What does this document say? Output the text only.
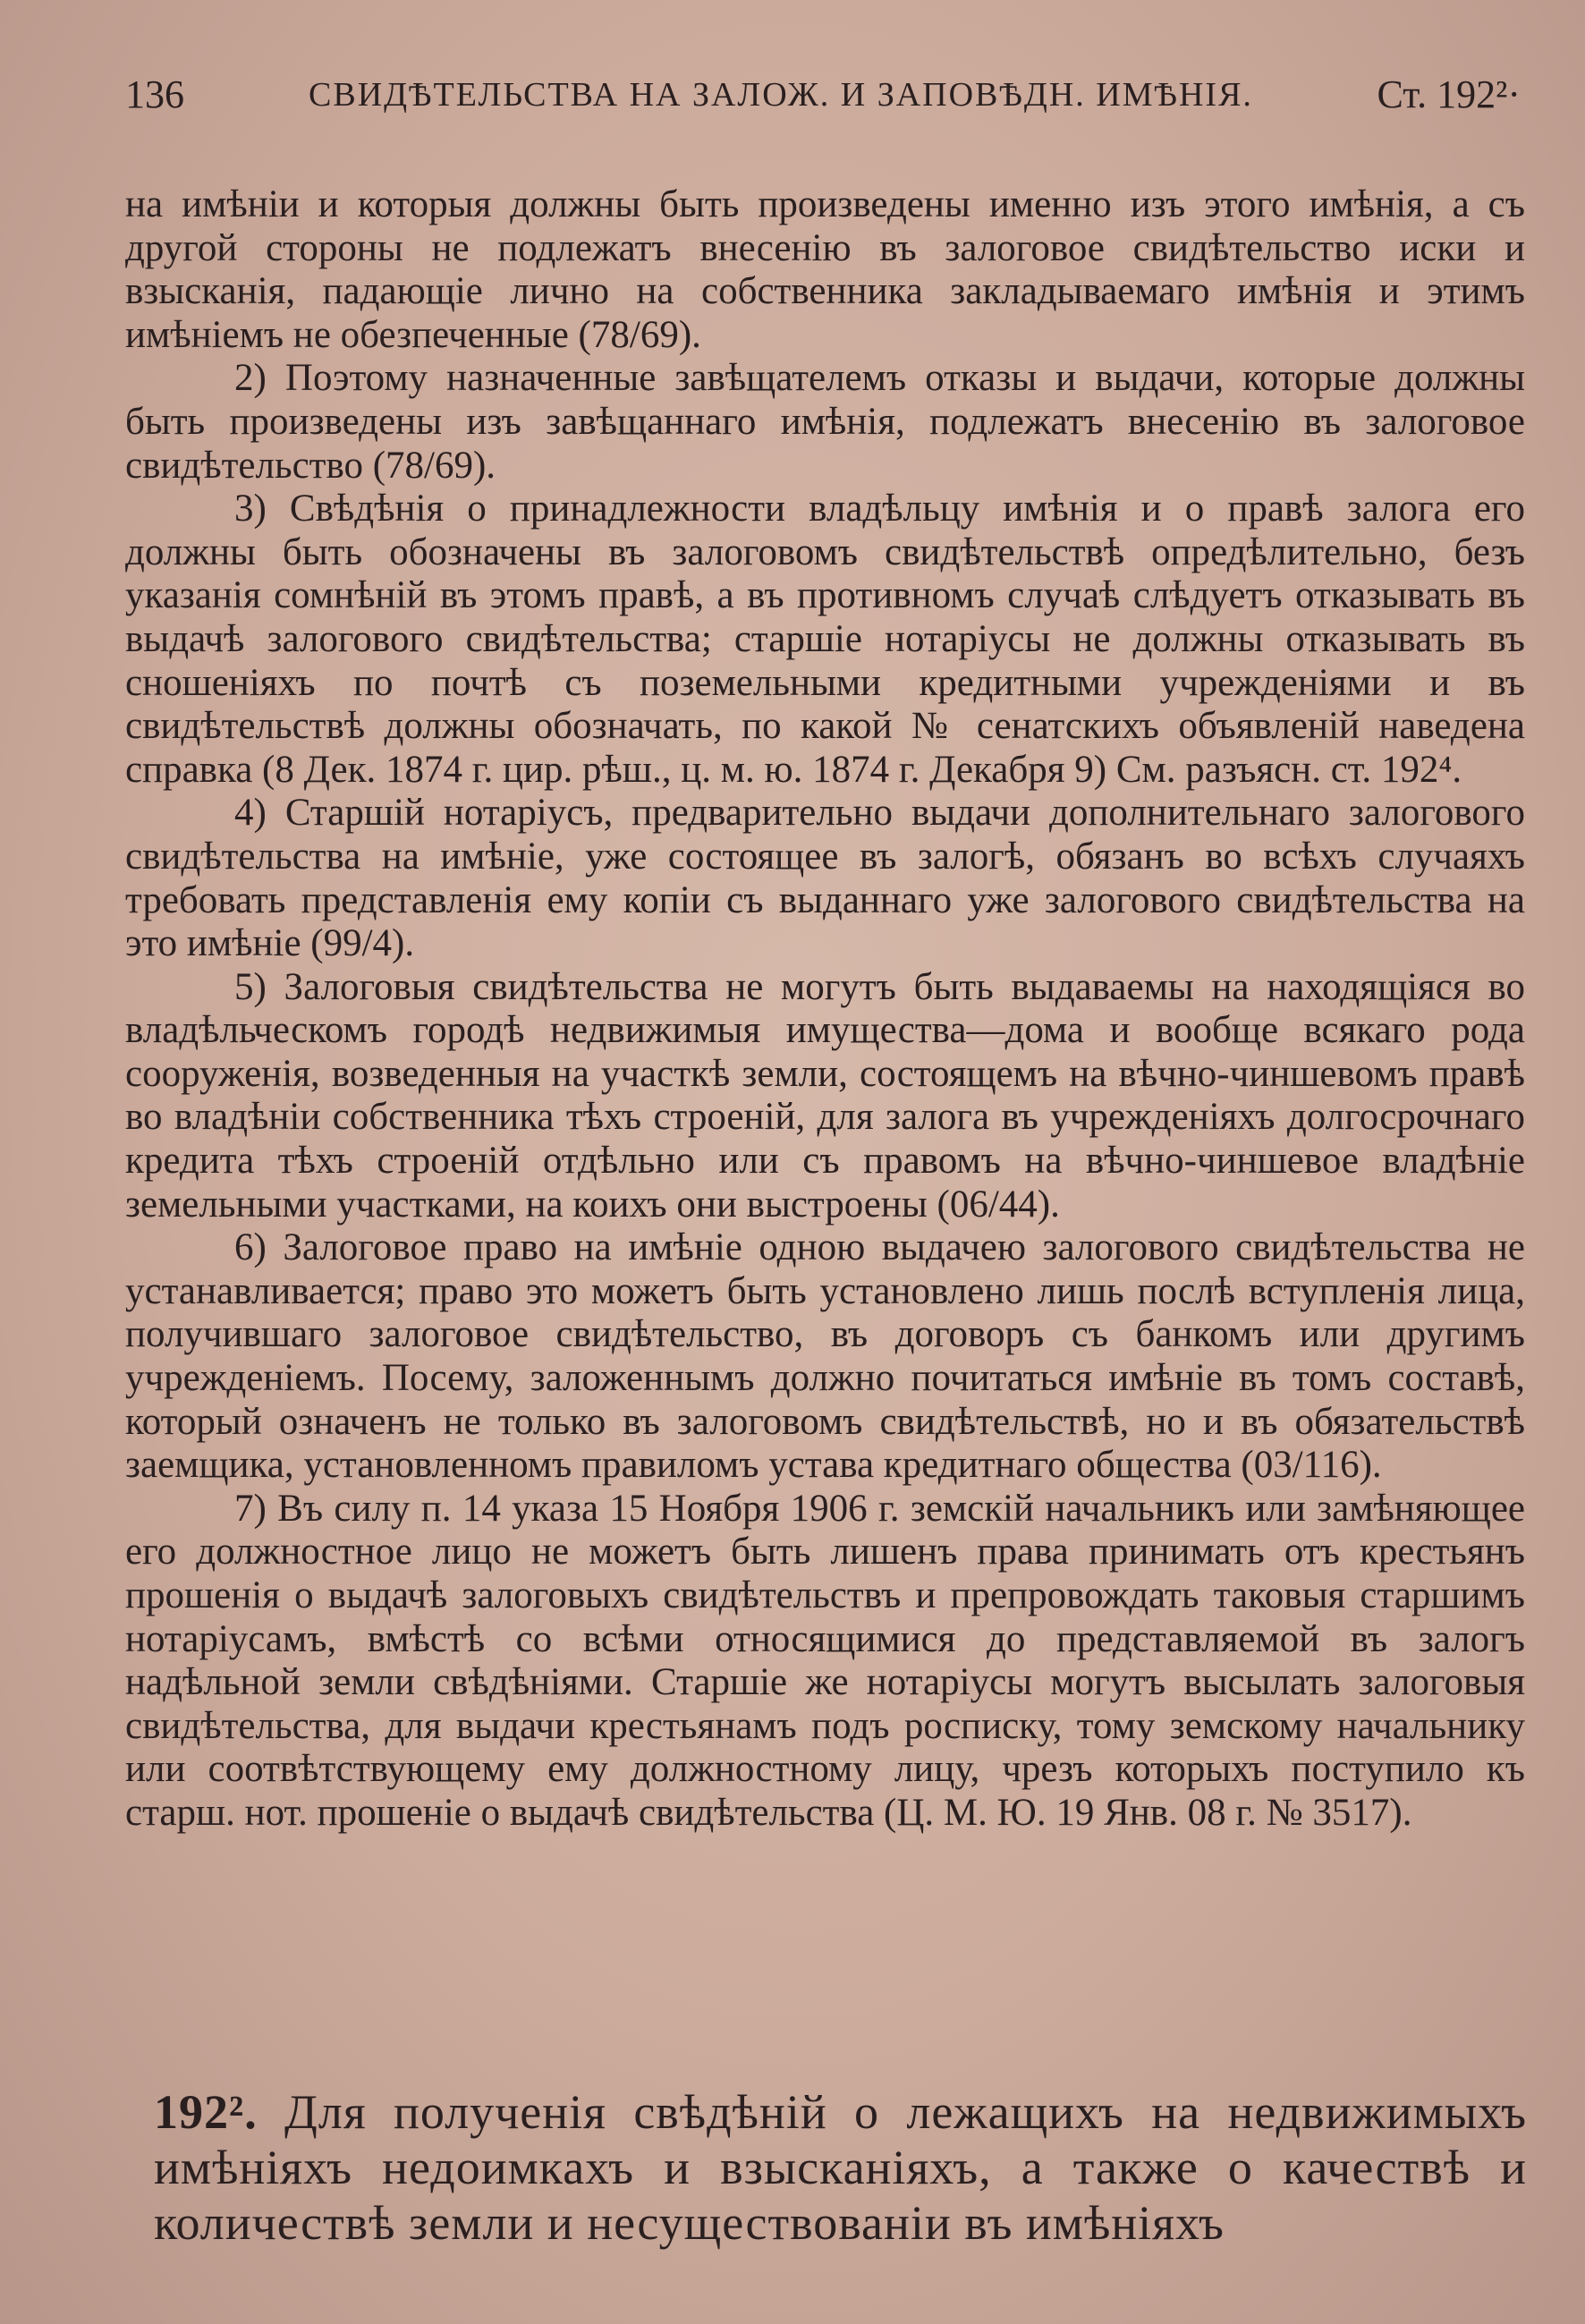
136	СВИДѢТЕЛЬСТВА НА ЗАЛОЖ. И ЗАПОВѢДН. ИМѢНІЯ.	Ст. 192²·

на имѣніи и которыя должны быть произведены именно изъ этого имѣнія, а съ другой стороны не подлежатъ внесенію въ залоговое свидѣтельство иски и взысканія, падающіе лично на собственника закладываемаго имѣнія и этимъ имѣніемъ не обезпеченные (78/69).

2) Поэтому назначенные завѣщателемъ отказы и выдачи, которые должны быть произведены изъ завѣщаннаго имѣнія, подлежатъ внесенію въ залоговое свидѣтельство (78/69).

3) Свѣдѣнія о принадлежности владѣльцу имѣнія и о правѣ залога его должны быть обозначены въ залоговомъ свидѣтельствѣ опредѣлительно, безъ указанія сомнѣній въ этомъ правѣ, а въ противномъ случаѣ слѣдуетъ отказывать въ выдачѣ залогового свидѣтельства; старшіе нотаріусы не должны отказывать въ сношеніяхъ по почтѣ съ поземельными кредитными учрежденіями и въ свидѣтельствѣ должны обозначать, по какой № сенатскихъ объявленій наведена справка (8 Дек. 1874 г. цир. рѣш., ц. м. ю. 1874 г. Декабря 9) См. разъясн. ст. 192⁴.

4) Старшій нотаріусъ, предварительно выдачи дополнительнаго залогового свидѣтельства на имѣніе, уже состоящее въ залогѣ, обязанъ во всѣхъ случаяхъ требовать представленія ему копіи съ выданнаго уже залогового свидѣтельства на это имѣніе (99/4).

5) Залоговыя свидѣтельства не могутъ быть выдаваемы на находящіяся во владѣльческомъ городѣ недвижимыя имущества—дома и вообще всякаго рода сооруженія, возведенныя на участкѣ земли, состоящемъ на вѣчно-чиншевомъ правѣ во владѣніи собственника тѣхъ строеній, для залога въ учрежденіяхъ долгосрочнаго кредита тѣхъ строеній отдѣльно или съ правомъ на вѣчно-чиншевое владѣніе земельными участками, на коихъ они выстроены (06/44).

6) Залоговое право на имѣніе одною выдачею залогового свидѣтельства не устанавливается; право это можетъ быть установлено лишь послѣ вступленія лица, получившаго залоговое свидѣтельство, въ договоръ съ банкомъ или другимъ учрежденіемъ. Посему, заложеннымъ должно почитаться имѣніе въ томъ составѣ, который означенъ не только въ залоговомъ свидѣтельствѣ, но и въ обязательствѣ заемщика, установленномъ правиломъ устава кредитнаго общества (03/116).

7) Въ силу п. 14 указа 15 Ноября 1906 г. земскій начальникъ или замѣняющее его должностное лицо не можетъ быть лишенъ права принимать отъ крестьянъ прошенія о выдачѣ залоговыхъ свидѣтельствъ и препровождать таковыя старшимъ нотаріусамъ, вмѣстѣ со всѣми относящимися до представляемой въ залогъ надѣльной земли свѣдѣніями. Старшіе же нотаріусы могутъ высылать залоговыя свидѣтельства, для выдачи крестьянамъ подъ росписку, тому земскому начальнику или соотвѣтствующему ему должностному лицу, чрезъ которыхъ поступило къ старш. нот. прошеніе о выдачѣ свидѣтельства (Ц. М. Ю. 19 Янв. 08 г. № 3517).

192². Для полученія свѣдѣній о лежащихъ на недвижимыхъ имѣніяхъ недоимкахъ и взысканіяхъ, а также о качествѣ и количествѣ земли и несуществованіи въ имѣніяхъ
